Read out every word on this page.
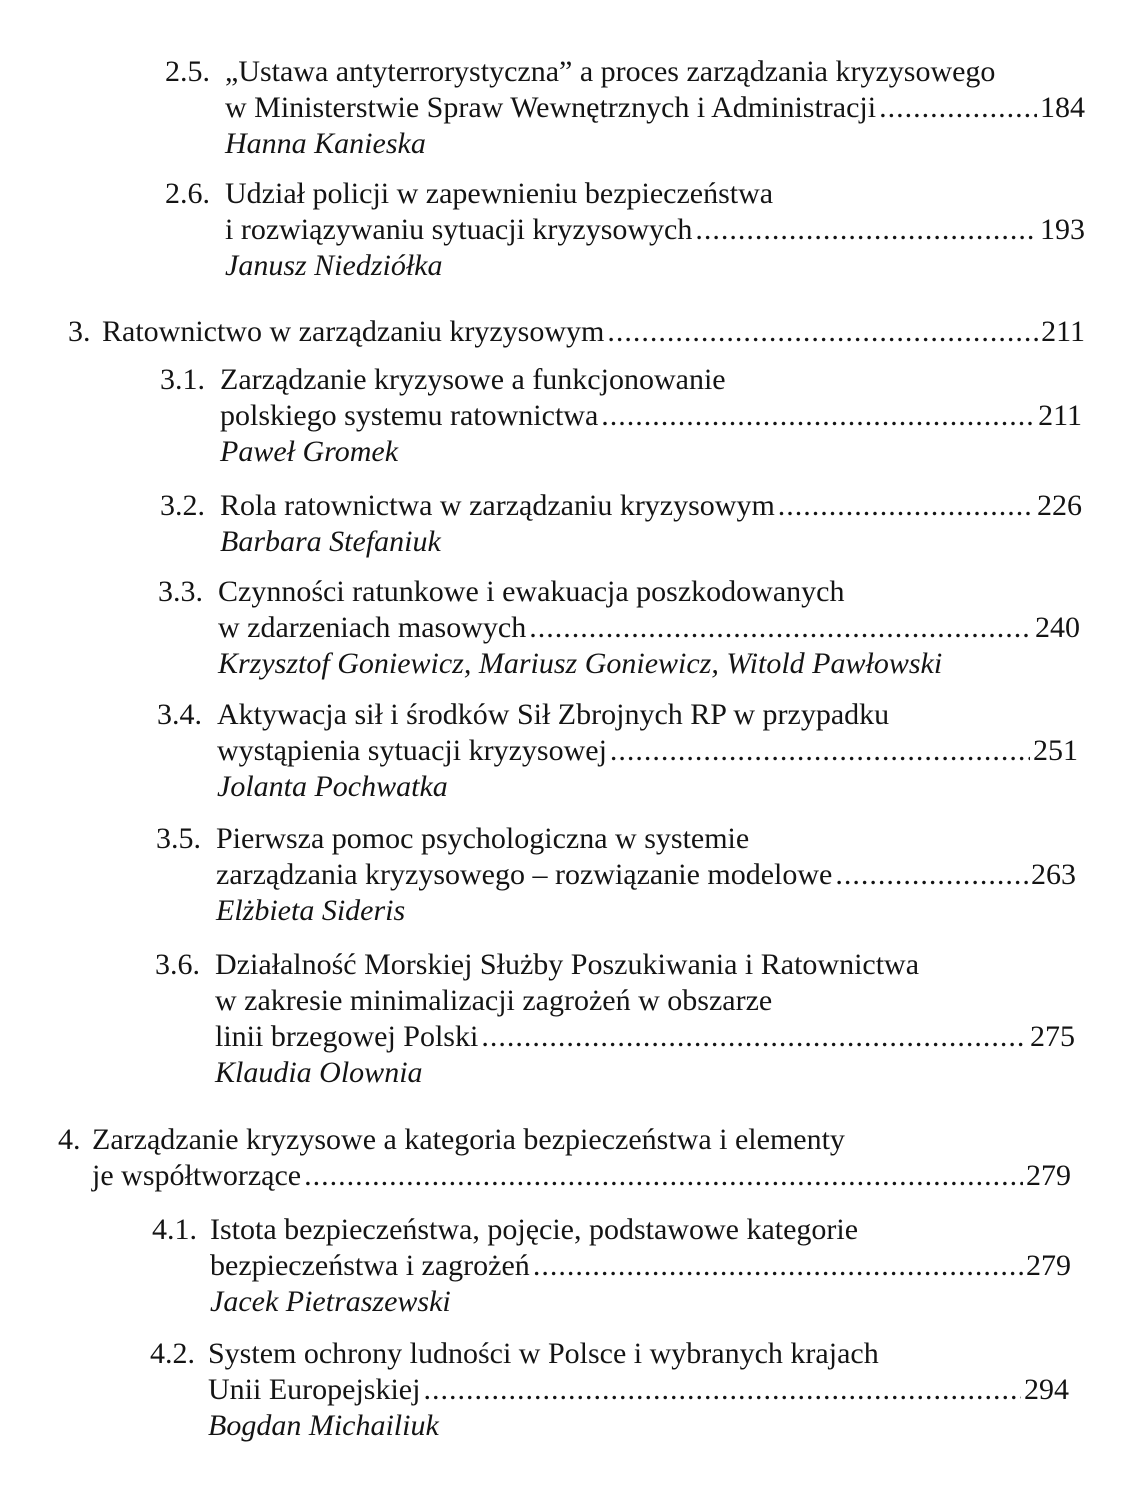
2.5. „Ustawa antyterrorystyczna” a proces zarządzania kryzysowego
w Ministerstwie Spraw Wewnętrznych i Administracji .....	184
Hanna Kanieska
2.6. Udział policji w zapewnieniu bezpieczeństwa
i rozwiązywaniu sytuacji kryzysowych .....	193
Janusz Niedziółka
3. Ratownictwo w zarządzaniu kryzysowym .....	211
3.1. Zarządzanie kryzysowe a funkcjonowanie
polskiego systemu ratownictwa .....	211
Paweł Gromek
3.2. Rola ratownictwa w zarządzaniu kryzysowym .....	226
Barbara Stefaniuk
3.3. Czynności ratunkowe i ewakuacja poszkodowanych
w zdarzeniach masowych .....	240
Krzysztof Goniewicz, Mariusz Goniewicz, Witold Pawłowski
3.4. Aktywacja sił i środków Sił Zbrojnych RP w przypadku
wystąpienia sytuacji kryzysowej .....	251
Jolanta Pochwatka
3.5. Pierwsza pomoc psychologiczna w systemie
zarządzania kryzysowego – rozwiązanie modelowe .....	263
Elżbieta Sideris
3.6. Działalność Morskiej Służby Poszukiwania i Ratownictwa
w zakresie minimalizacji zagrożeń w obszarze
linii brzegowej Polski .....	275
Klaudia Olownia
4. Zarządzanie kryzysowe a kategoria bezpieczeństwa i elementy
je współtworzące .....	279
4.1. Istota bezpieczeństwa, pojęcie, podstawowe kategorie
bezpieczeństwa i zagrożeń .....	279
Jacek Pietraszewski
4.2. System ochrony ludności w Polsce i wybranych krajach
Unii Europejskiej .....	294
Bogdan Michailiuk
